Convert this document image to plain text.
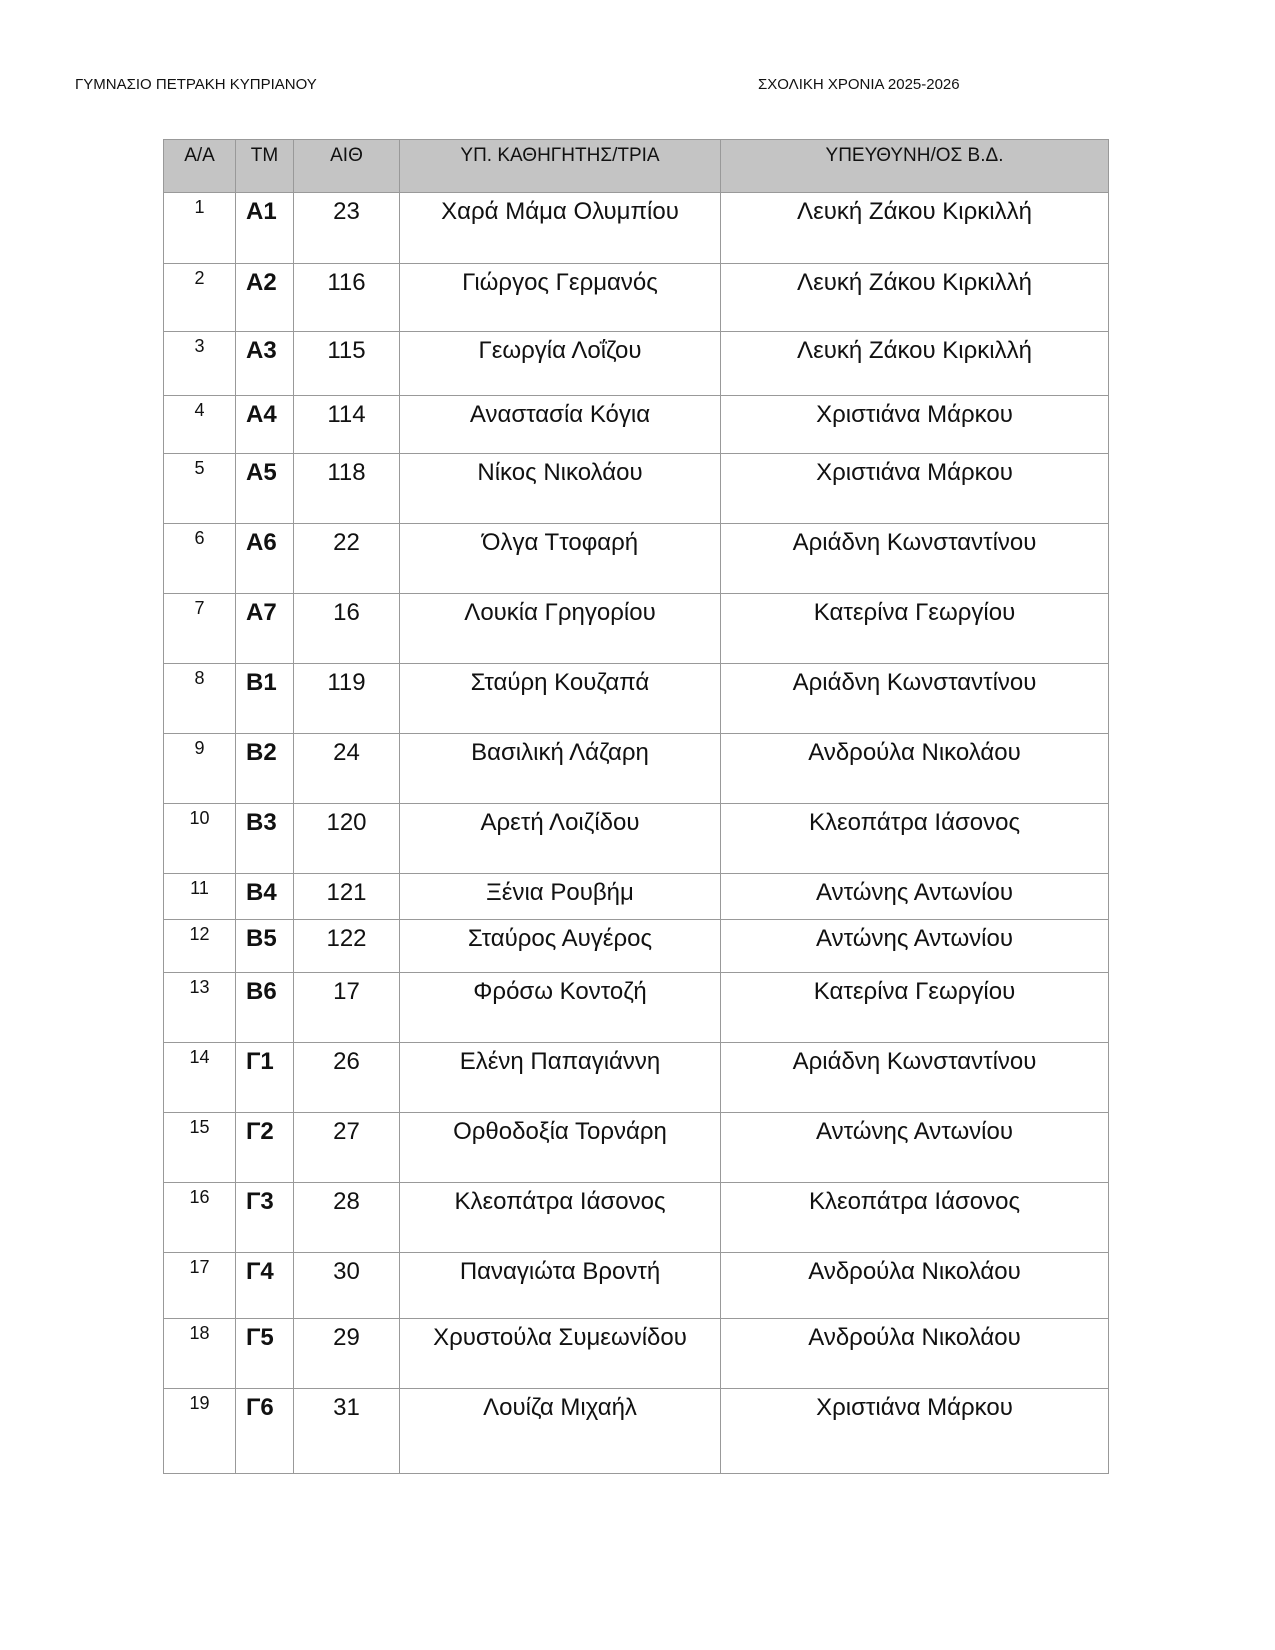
ΓΥΜΝΑΣΙΟ ΠΕΤΡΑΚΗ ΚΥΠΡΙΑΝΟΥ	ΣΧΟΛΙΚΗ ΧΡΟΝΙΑ 2025-2026
Α/Α	ΤΜ	ΑΙΘ	ΥΠ. ΚΑΘΗΓΗΤΗΣ/ΤΡΙΑ	ΥΠΕΥΘΥΝΗ/ΟΣ Β.Δ.
1	Α1	23	Χαρά Μάμα Ολυμπίου	Λευκή Ζάκου Κιρκιλλή
2	Α2	116	Γιώργος Γερμανός	Λευκή Ζάκου Κιρκιλλή
3	Α3	115	Γεωργία Λοΐζου	Λευκή Ζάκου Κιρκιλλή
4	Α4	114	Αναστασία Κόγια	Χριστιάνα Μάρκου
5	Α5	118	Νίκος Νικολάου	Χριστιάνα Μάρκου
6	Α6	22	Όλγα Ττοφαρή	Αριάδνη Κωνσταντίνου
7	Α7	16	Λουκία Γρηγορίου	Κατερίνα Γεωργίου
8	Β1	119	Σταύρη Κουζαπά	Αριάδνη Κωνσταντίνου
9	Β2	24	Βασιλική Λάζαρη	Ανδρούλα Νικολάου
10	Β3	120	Αρετή Λοιζίδου	Κλεοπάτρα Ιάσονος
11	Β4	121	Ξένια Ρουβήμ	Αντώνης Αντωνίου
12	Β5	122	Σταύρος Αυγέρος	Αντώνης Αντωνίου
13	Β6	17	Φρόσω Κοντοζή	Κατερίνα Γεωργίου
14	Γ1	26	Ελένη Παπαγιάννη	Αριάδνη Κωνσταντίνου
15	Γ2	27	Ορθοδοξία Τορνάρη	Αντώνης Αντωνίου
16	Γ3	28	Κλεοπάτρα Ιάσονος	Κλεοπάτρα Ιάσονος
17	Γ4	30	Παναγιώτα Βροντή	Ανδρούλα Νικολάου
18	Γ5	29	Χρυστούλα Συμεωνίδου	Ανδρούλα Νικολάου
19	Γ6	31	Λουίζα Μιχαήλ	Χριστιάνα Μάρκου
